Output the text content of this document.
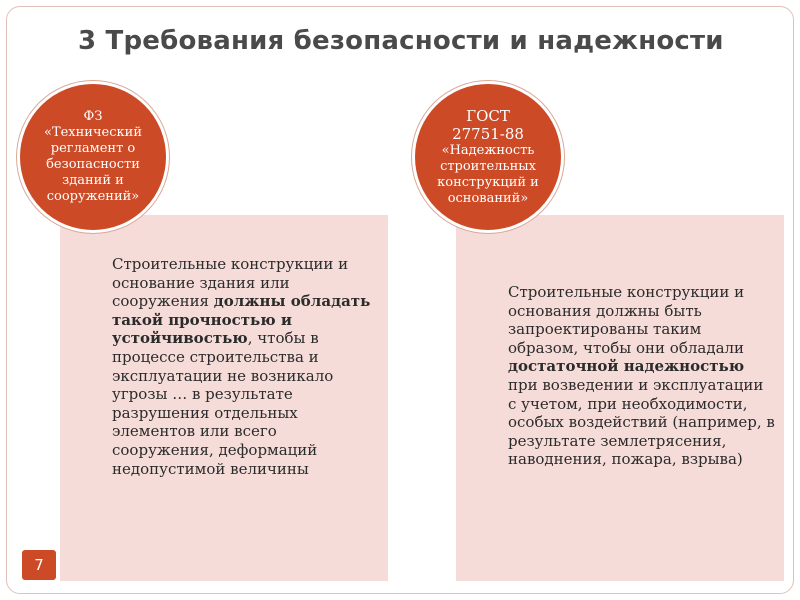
3 Требования безопасности и надежности
Строительные конструкции и основание здания или сооружения должны обладать такой прочностью и устойчивостью, чтобы в процессе строительства и эксплуатации не возникало угрозы … в результате разрушения отдельных элементов или всего сооружения, деформаций недопустимой величины
Строительные конструкции и основания должны быть запроектированы таким образом, чтобы они обладали достаточной надежностью при возведении и эксплуатации с учетом, при необходимости, особых воздействий (например, в результате землетрясения, наводнения, пожара, взрыва)
ФЗ
«Технический
регламент о
безопасности
зданий и
сооружений»
ГОСТ
27751-88
«Надежность
строительных
конструкций и
оснований»
7
